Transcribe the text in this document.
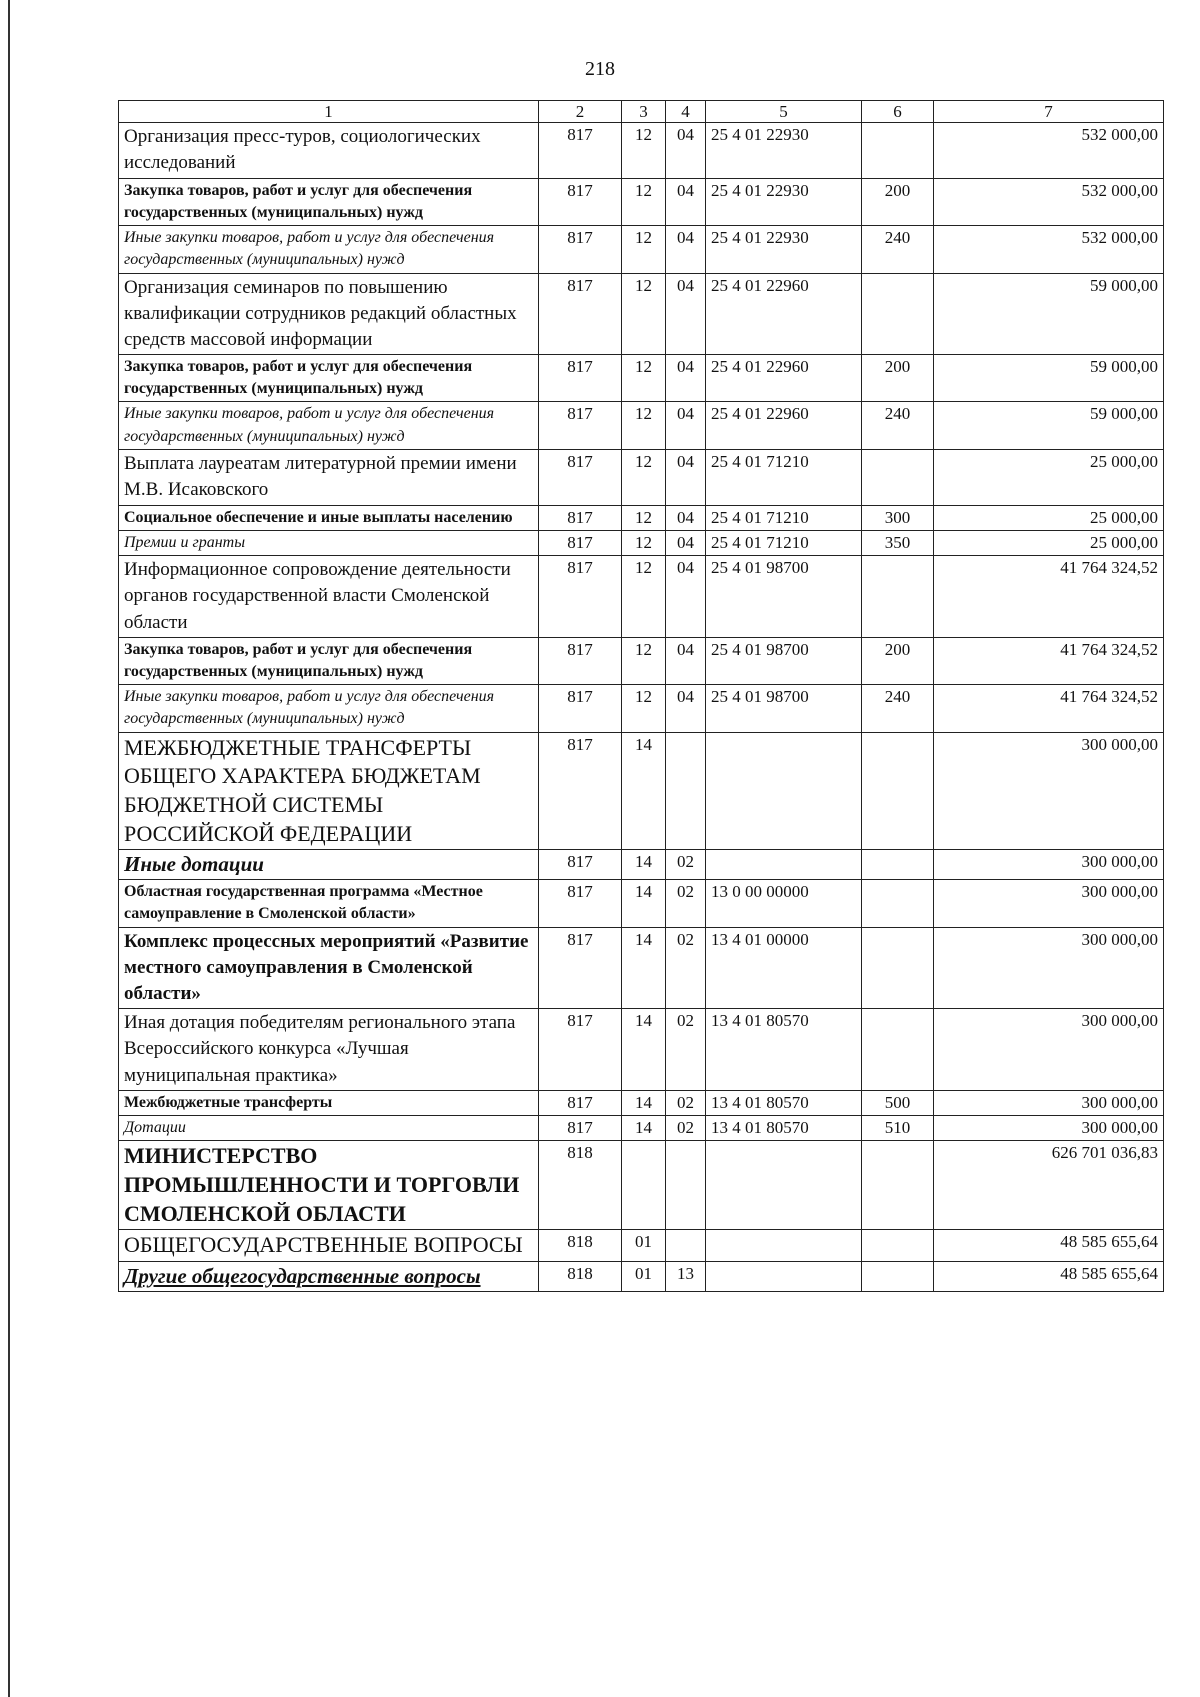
218
1	2	3	4	5	6	7
Организация пресс-туров, социологических исследований	817	12	04	25 4 01 22930		532 000,00
Закупка товаров, работ и услуг для обеспечения государственных (муниципальных) нужд	817	12	04	25 4 01 22930	200	532 000,00
Иные закупки товаров, работ и услуг для обеспечения государственных (муниципальных) нужд	817	12	04	25 4 01 22930	240	532 000,00
Организация семинаров по повышению квалификации сотрудников редакций областных средств массовой информации	817	12	04	25 4 01 22960		59 000,00
Закупка товаров, работ и услуг для обеспечения государственных (муниципальных) нужд	817	12	04	25 4 01 22960	200	59 000,00
Иные закупки товаров, работ и услуг для обеспечения государственных (муниципальных) нужд	817	12	04	25 4 01 22960	240	59 000,00
Выплата лауреатам литературной премии имени М.В. Исаковского	817	12	04	25 4 01 71210		25 000,00
Социальное обеспечение и иные выплаты населению	817	12	04	25 4 01 71210	300	25 000,00
Премии и гранты	817	12	04	25 4 01 71210	350	25 000,00
Информационное сопровождение деятельности органов государственной власти Смоленской области	817	12	04	25 4 01 98700		41 764 324,52
Закупка товаров, работ и услуг для обеспечения государственных (муниципальных) нужд	817	12	04	25 4 01 98700	200	41 764 324,52
Иные закупки товаров, работ и услуг для обеспечения государственных (муниципальных) нужд	817	12	04	25 4 01 98700	240	41 764 324,52
МЕЖБЮДЖЕТНЫЕ ТРАНСФЕРТЫ ОБЩЕГО ХАРАКТЕРА БЮДЖЕТАМ БЮДЖЕТНОЙ СИСТЕМЫ РОССИЙСКОЙ ФЕДЕРАЦИИ	817	14				300 000,00
Иные дотации	817	14	02			300 000,00
Областная государственная программа «Местное самоуправление в Смоленской области»	817	14	02	13 0 00 00000		300 000,00
Комплекс процессных мероприятий «Развитие местного самоуправления в Смоленской области»	817	14	02	13 4 01 00000		300 000,00
Иная дотация победителям регионального этапа Всероссийского конкурса «Лучшая муниципальная практика»	817	14	02	13 4 01 80570		300 000,00
Межбюджетные трансферты	817	14	02	13 4 01 80570	500	300 000,00
Дотации	817	14	02	13 4 01 80570	510	300 000,00
МИНИСТЕРСТВО ПРОМЫШЛЕННОСТИ И ТОРГОВЛИ СМОЛЕНСКОЙ ОБЛАСТИ	818					626 701 036,83
ОБЩЕГОСУДАРСТВЕННЫЕ ВОПРОСЫ	818	01				48 585 655,64
Другие общегосударственные вопросы	818	01	13			48 585 655,64
